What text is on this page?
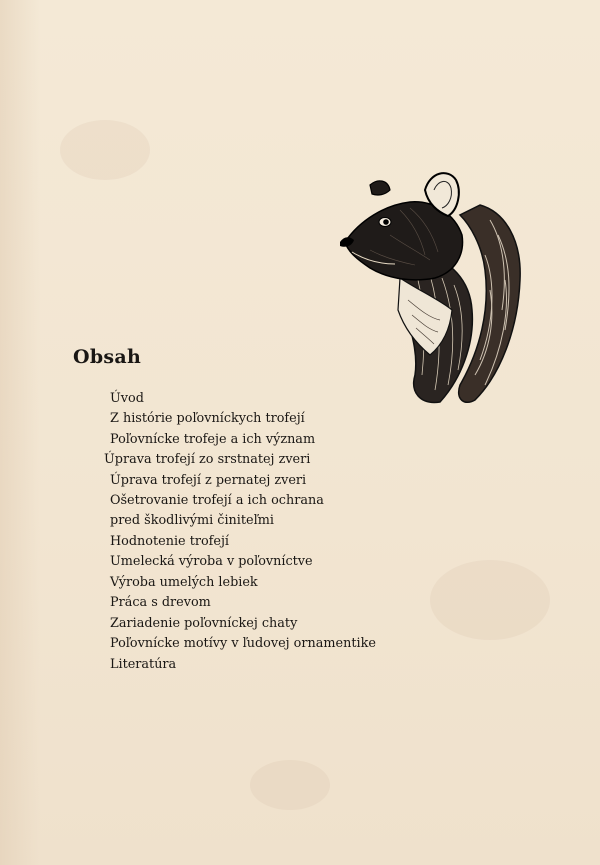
Obsah
Úvod
Z histórie poľovníckych trofejí
Poľovnícke trofeje a ich význam
Úprava trofejí zo srstnatej zveri
Úprava trofejí z pernatej zveri
Ošetrovanie trofejí a ich ochrana
pred škodlivými činiteľmi
Hodnotenie trofejí
Umelecká výroba v poľovníctve
Výroba umelých lebiek
Práca s drevom
Zariadenie poľovníckej chaty
Poľovnícke motívy v ľudovej ornamentike
Literatúra
